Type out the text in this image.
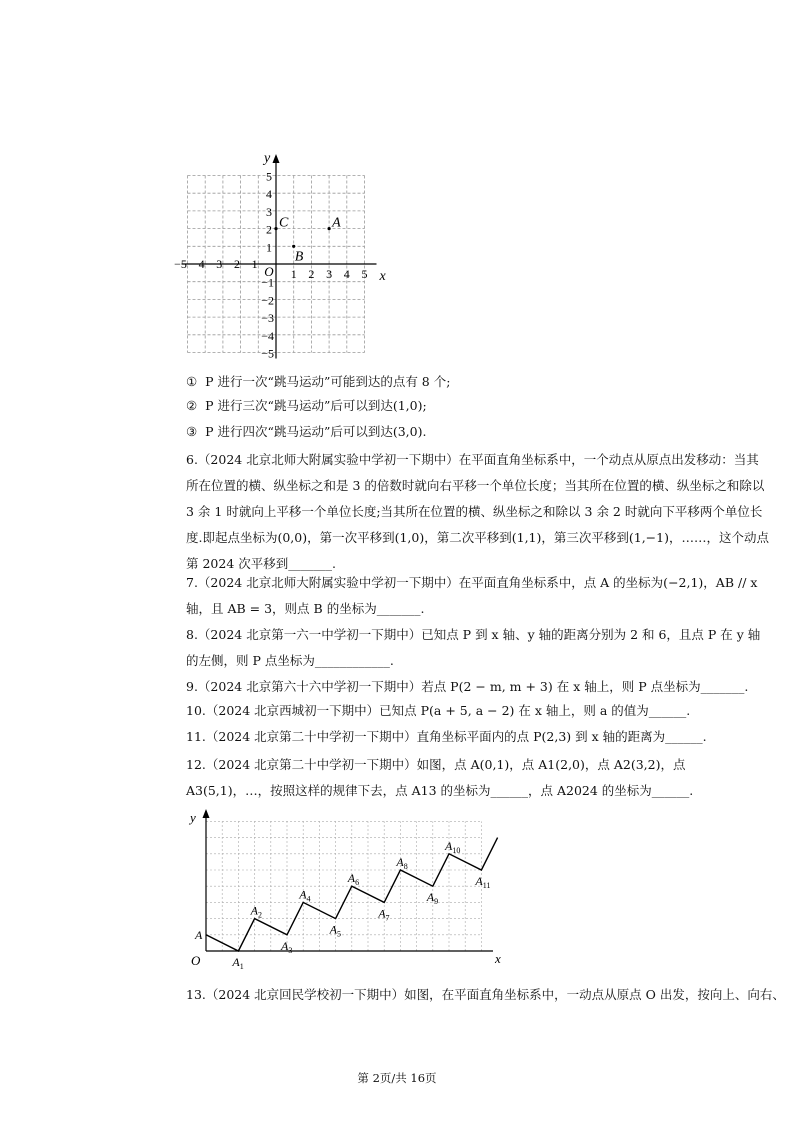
x
y
−5 −4 −3 −2 −1 O 1 2 3 4 5
1
2
3
4
5
−1
−2
−3
−4
−5
A
B
C
① P 进行一次“跳马运动”可能到达的点有 8 个;
② P 进行三次“跳马运动”后可以到达(1,0);
③ P 进行四次“跳马运动”后可以到达(3,0).
6.（2024 北京北师大附属实验中学初一下期中）在平面直角坐标系中，一个动点从原点出发移动：当其所在位置的横、纵坐标之和是 3 的倍数时就向右平移一个单位长度；当其所在位置的横、纵坐标之和除以 3 余 1 时就向上平移一个单位长度;当其所在位置的横、纵坐标之和除以 3 余 2 时就向下平移两个单位长度.即起点坐标为(0,0)，第一次平移到(1,0)，第二次平移到(1,1)，第三次平移到(1,−1)，……，这个动点第 2024 次平移到_______.
7.（2024 北京北师大附属实验中学初一下期中）在平面直角坐标系中，点 A 的坐标为(−2,1)，AB // x 轴，且 AB = 3，则点 B 的坐标为_______.
8.（2024 北京第一六一中学初一下期中）已知点 P 到 x 轴、y 轴的距离分别为 2 和 6，且点 P 在 y 轴的左侧，则 P 点坐标为____________.
9.（2024 北京第六十六中学初一下期中）若点 P(2 − m, m + 3) 在 x 轴上，则 P 点坐标为_______.
10.（2024 北京西城初一下期中）已知点 P(a + 5, a − 2) 在 x 轴上，则 a 的值为______.
11.（2024 北京第二十中学初一下期中）直角坐标平面内的点 P(2,3) 到 x 轴的距离为______.
12.（2024 北京第二十中学初一下期中）如图，点 A(0,1)，点 A1(2,0)，点 A2(3,2)，点 A3(5,1)，…，按照这样的规律下去，点 A13 的坐标为______，点 A2024 的坐标为______.
x
y
O
A
$A_1$
$A_2$
$A_3$
$A_4$
$A_5$
$A_6$
$A_7$
$A_8$
$A_9$
$A_{10}$
$A_{11}$
13.（2024 北京回民学校初一下期中）如图，在平面直角坐标系中，一动点从原点 O 出发，按向上、向右、
第 2页/共 16页
